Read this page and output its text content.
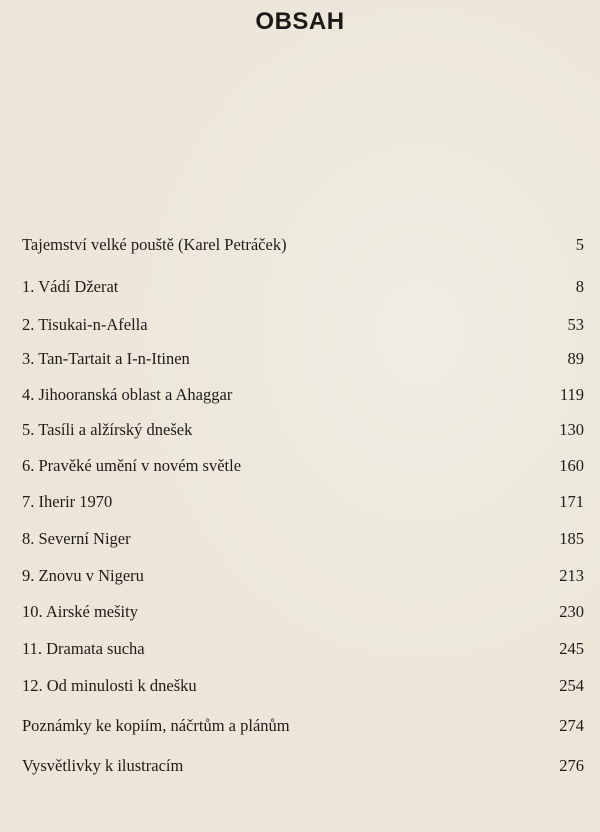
OBSAH
Tajemství velké pouště (Karel Petráček)	5
1. Vádí Džerat	8
2. Tisukai-n-Afella	53
3. Tan-Tartait a I-n-Itinen	89
4. Jihooranská oblast a Ahaggar	119
5. Tasíli a alžírský dnešek	130
6. Pravěké umění v novém světle	160
7. Iherir 1970	171
8. Severní Niger	185
9. Znovu v Nigeru	213
10. Airské mešity	230
11. Dramata sucha	245
12. Od minulosti k dnešku	254
Poznámky ke kopiím, náčrtům a plánům	274
Vysvětlivky k ilustracím	276
